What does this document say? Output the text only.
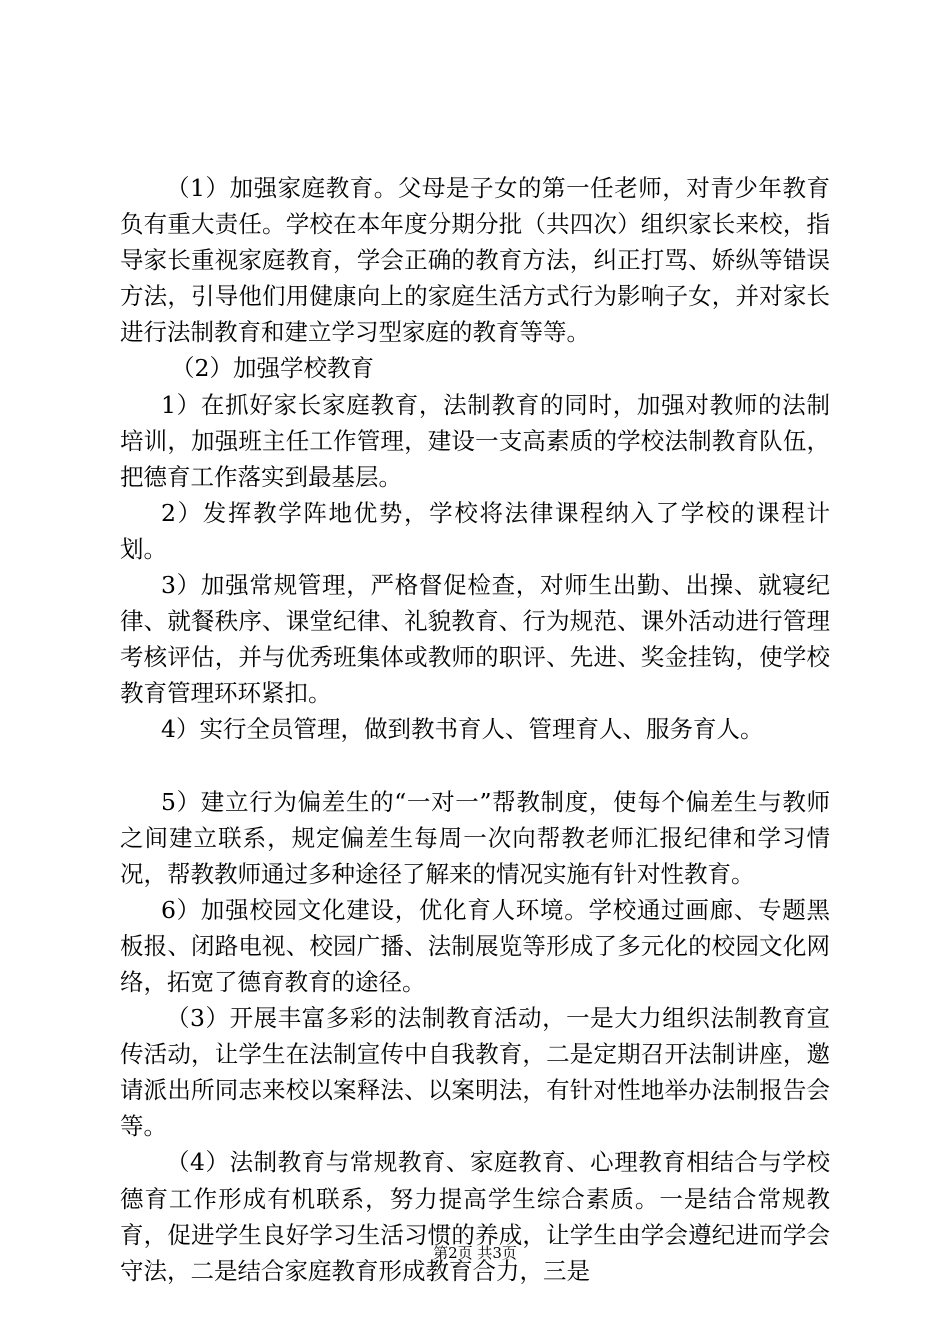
（1）加强家庭教育。父母是子女的第一任老师，对青少年教育负有重大责任。学校在本年度分期分批（共四次）组织家长来校，指导家长重视家庭教育，学会正确的教育方法，纠正打骂、娇纵等错误方法，引导他们用健康向上的家庭生活方式行为影响子女，并对家长进行法制教育和建立学习型家庭的教育等等。

（2）加强学校教育

1）在抓好家长家庭教育，法制教育的同时，加强对教师的法制培训，加强班主任工作管理，建设一支高素质的学校法制教育队伍，把德育工作落实到最基层。

2）发挥教学阵地优势，学校将法律课程纳入了学校的课程计划。

3）加强常规管理，严格督促检查，对师生出勤、出操、就寝纪律、就餐秩序、课堂纪律、礼貌教育、行为规范、课外活动进行管理考核评估，并与优秀班集体或教师的职评、先进、奖金挂钩，使学校教育管理环环紧扣。

4）实行全员管理，做到教书育人、管理育人、服务育人。

5）建立行为偏差生的“一对一”帮教制度，使每个偏差生与教师之间建立联系，规定偏差生每周一次向帮教老师汇报纪律和学习情况，帮教教师通过多种途径了解来的情况实施有针对性教育。

6）加强校园文化建设，优化育人环境。学校通过画廊、专题黑板报、闭路电视、校园广播、法制展览等形成了多元化的校园文化网络，拓宽了德育教育的途径。

（3）开展丰富多彩的法制教育活动，一是大力组织法制教育宣传活动，让学生在法制宣传中自我教育，二是定期召开法制讲座，邀请派出所同志来校以案释法、以案明法，有针对性地举办法制报告会等。

（4）法制教育与常规教育、家庭教育、心理教育相结合与学校德育工作形成有机联系，努力提高学生综合素质。一是结合常规教育，促进学生良好学习生活习惯的养成，让学生由学会遵纪进而学会守法，二是结合家庭教育形成教育合力，三是

第2页 共3页
